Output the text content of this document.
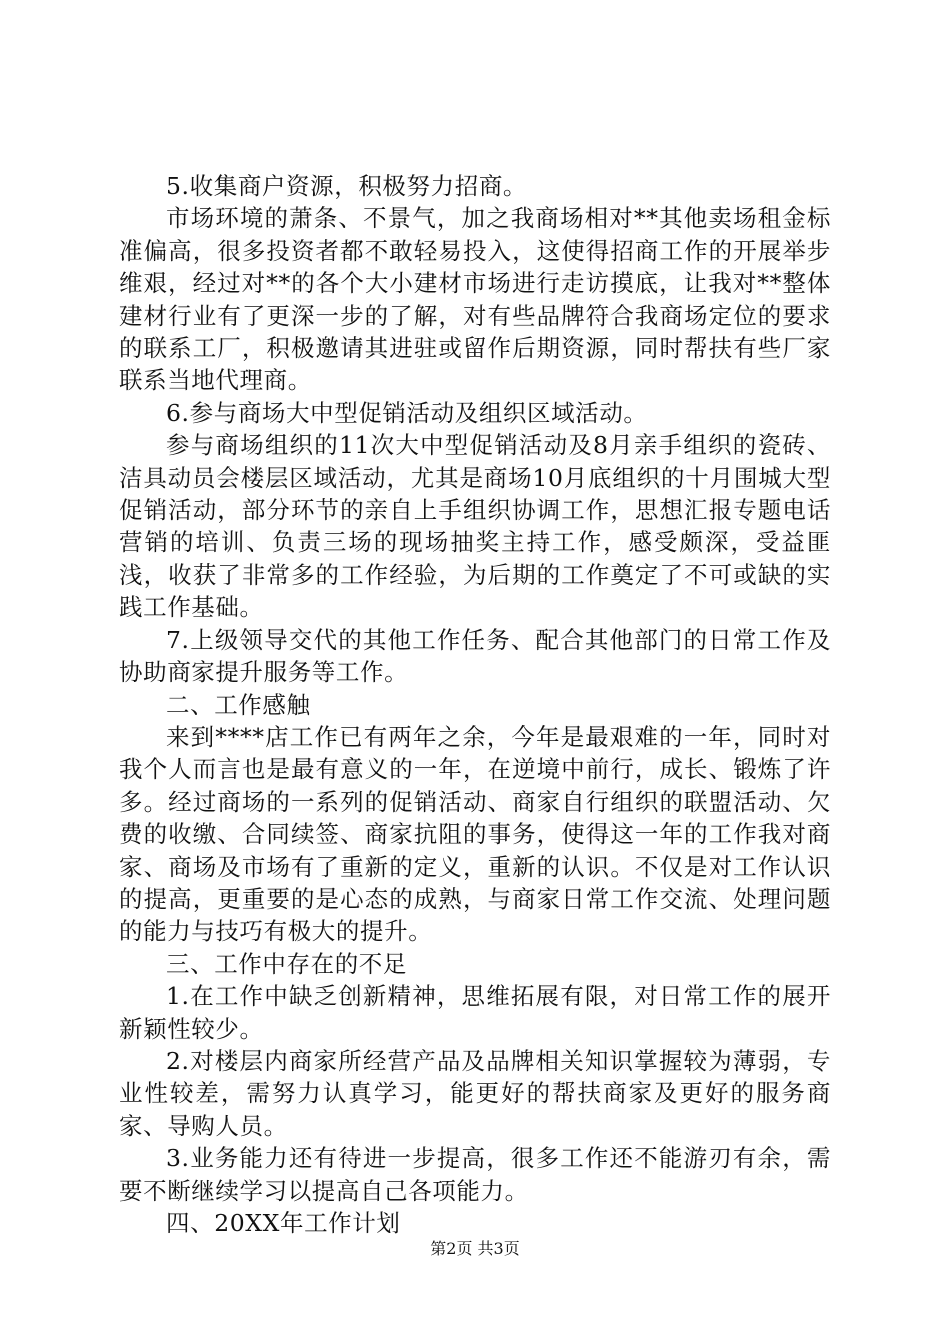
5.收集商户资源，积极努力招商。

市场环境的萧条、不景气，加之我商场相对**其他卖场租金标准偏高，很多投资者都不敢轻易投入，这使得招商工作的开展举步维艰，经过对**的各个大小建材市场进行走访摸底，让我对**整体建材行业有了更深一步的了解，对有些品牌符合我商场定位的要求的联系工厂，积极邀请其进驻或留作后期资源，同时帮扶有些厂家联系当地代理商。

6.参与商场大中型促销活动及组织区域活动。

参与商场组织的11次大中型促销活动及8月亲手组织的瓷砖、洁具动员会楼层区域活动，尤其是商场10月底组织的十月围城大型促销活动，部分环节的亲自上手组织协调工作，思想汇报专题电话营销的培训、负责三场的现场抽奖主持工作，感受颇深，受益匪浅，收获了非常多的工作经验，为后期的工作奠定了不可或缺的实践工作基础。

7.上级领导交代的其他工作任务、配合其他部门的日常工作及协助商家提升服务等工作。

二、工作感触

来到****店工作已有两年之余，今年是最艰难的一年，同时对我个人而言也是最有意义的一年，在逆境中前行，成长、锻炼了许多。经过商场的一系列的促销活动、商家自行组织的联盟活动、欠费的收缴、合同续签、商家抗阻的事务，使得这一年的工作我对商家、商场及市场有了重新的定义，重新的认识。不仅是对工作认识的提高，更重要的是心态的成熟，与商家日常工作交流、处理问题的能力与技巧有极大的提升。

三、工作中存在的不足

1.在工作中缺乏创新精神，思维拓展有限，对日常工作的展开新颖性较少。

2.对楼层内商家所经营产品及品牌相关知识掌握较为薄弱，专业性较差，需努力认真学习，能更好的帮扶商家及更好的服务商家、导购人员。

3.业务能力还有待进一步提高，很多工作还不能游刃有余，需要不断继续学习以提高自己各项能力。

四、20XX年工作计划

第2页 共3页
